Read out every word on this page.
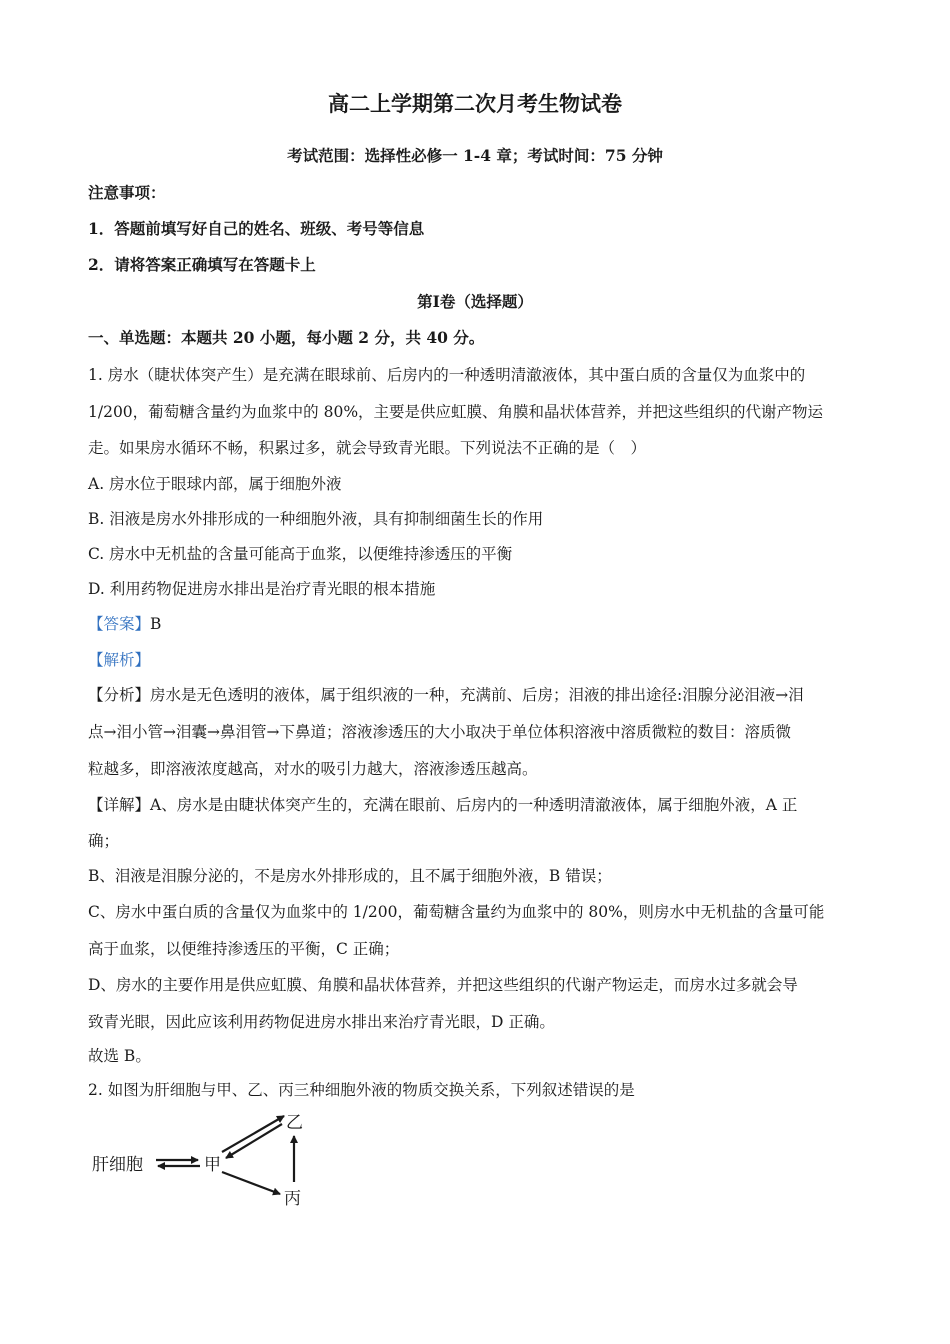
高二上学期第二次月考生物试卷
考试范围：选择性必修一 1-4 章；考试时间：75 分钟
注意事项：
1．答题前填写好自己的姓名、班级、考号等信息
2．请将答案正确填写在答题卡上
第Ⅰ卷（选择题）
一、单选题：本题共 20 小题，每小题 2 分，共 40 分。
1. 房水（睫状体突产生）是充满在眼球前、后房内的一种透明清澈液体，其中蛋白质的含量仅为血浆中的
1/200，葡萄糖含量约为血浆中的 80%，主要是供应虹膜、角膜和晶状体营养，并把这些组织的代谢产物运
走。如果房水循环不畅，积累过多，就会导致青光眼。下列说法不正确的是（　）
A. 房水位于眼球内部，属于细胞外液
B. 泪液是房水外排形成的一种细胞外液，具有抑制细菌生长的作用
C. 房水中无机盐的含量可能高于血浆，以便维持渗透压的平衡
D. 利用药物促进房水排出是治疗青光眼的根本措施
【答案】B
【解析】
【分析】房水是无色透明的液体，属于组织液的一种，充满前、后房；泪液的排出途径:泪腺分泌泪液→泪
点→泪小管→泪囊→鼻泪管→下鼻道；溶液渗透压的大小取决于单位体积溶液中溶质微粒的数目：溶质微
粒越多，即溶液浓度越高，对水的吸引力越大，溶液渗透压越高。
【详解】A、房水是由睫状体突产生的，充满在眼前、后房内的一种透明清澈液体，属于细胞外液，A 正
确；
B、泪液是泪腺分泌的，不是房水外排形成的，且不属于细胞外液，B 错误；
C、房水中蛋白质的含量仅为血浆中的 1/200，葡萄糖含量约为血浆中的 80%，则房水中无机盐的含量可能
高于血浆，以便维持渗透压的平衡，C 正确；
D、房水的主要作用是供应虹膜、角膜和晶状体营养，并把这些组织的代谢产物运走，而房水过多就会导
致青光眼，因此应该利用药物促进房水排出来治疗青光眼，D 正确。
故选 B。
2. 如图为肝细胞与甲、乙、丙三种细胞外液的物质交换关系，下列叙述错误的是
肝细胞	甲
乙
丙
